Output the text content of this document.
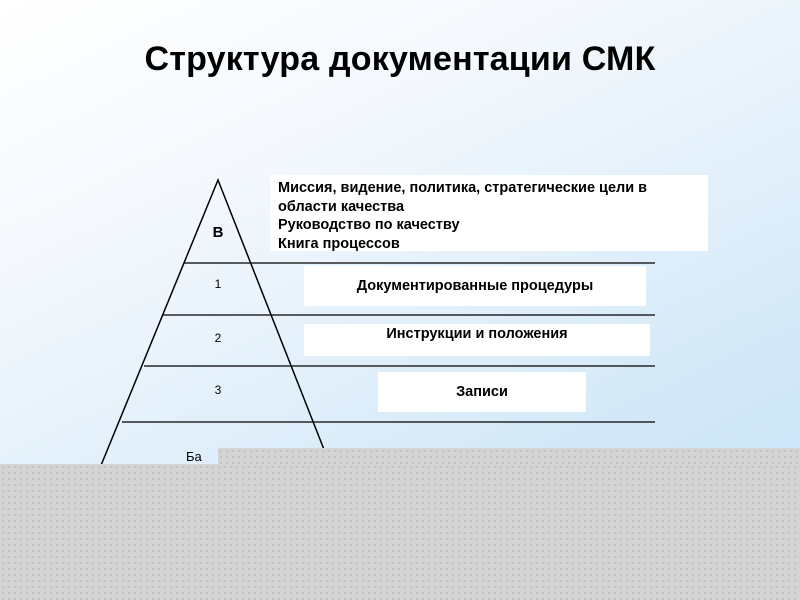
Структура документации СМК
В
1
2
3
Ба
Миссия, видение, политика, стратегические цели в
области качества
Руководство по качеству
Книга процессов
Документированные процедуры
Инструкции и положения
Записи
